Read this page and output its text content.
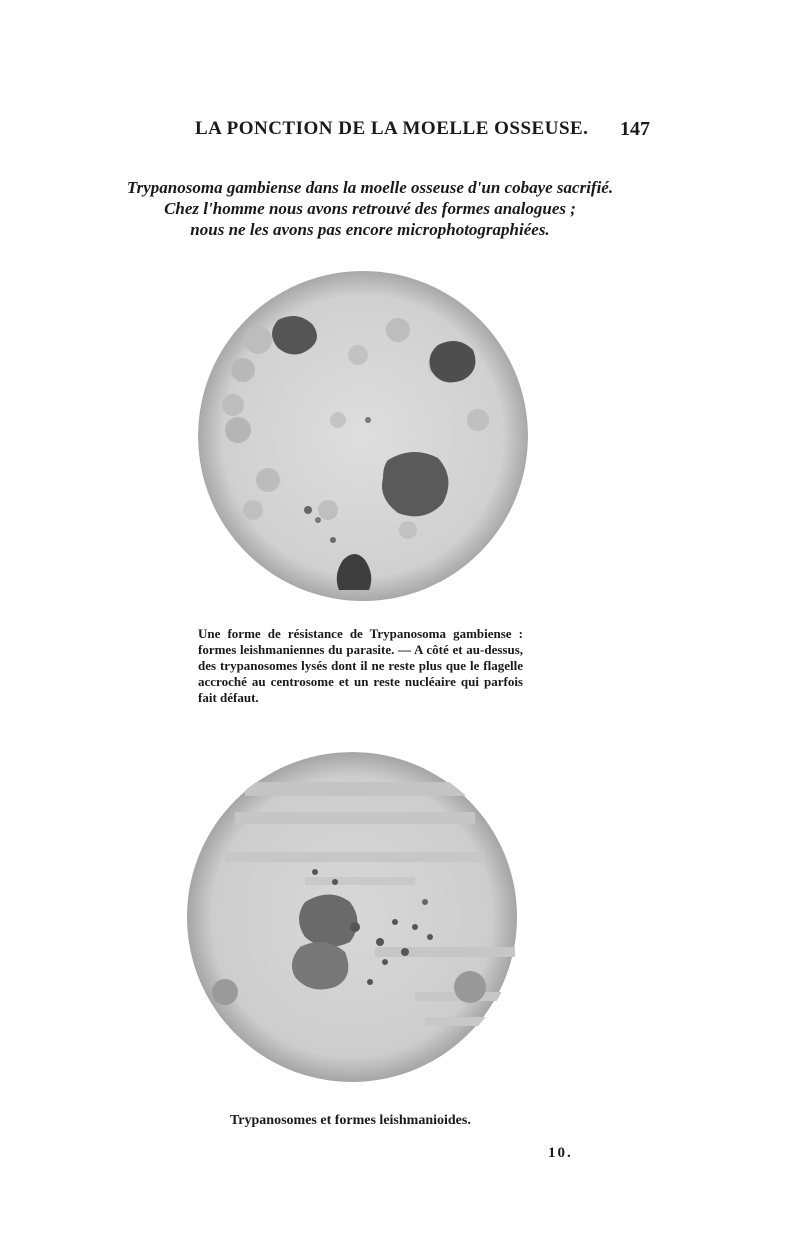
LA PONCTION DE LA MOELLE OSSEUSE. 147
Trypanosoma gambiense dans la moelle osseuse d'un cobaye sacrifié.
Chez l'homme nous avons retrouvé des formes analogues ;
nous ne les avons pas encore microphotographiées.
Une forme de résistance de Trypanosoma gambiense : formes leishmaniennes du parasite. — A côté et au-dessus, des trypanosomes lysés dont il ne reste plus que le flagelle accroché au centrosome et un reste nucléaire qui parfois fait défaut.
Trypanosomes et formes leishmanioides.
10.
